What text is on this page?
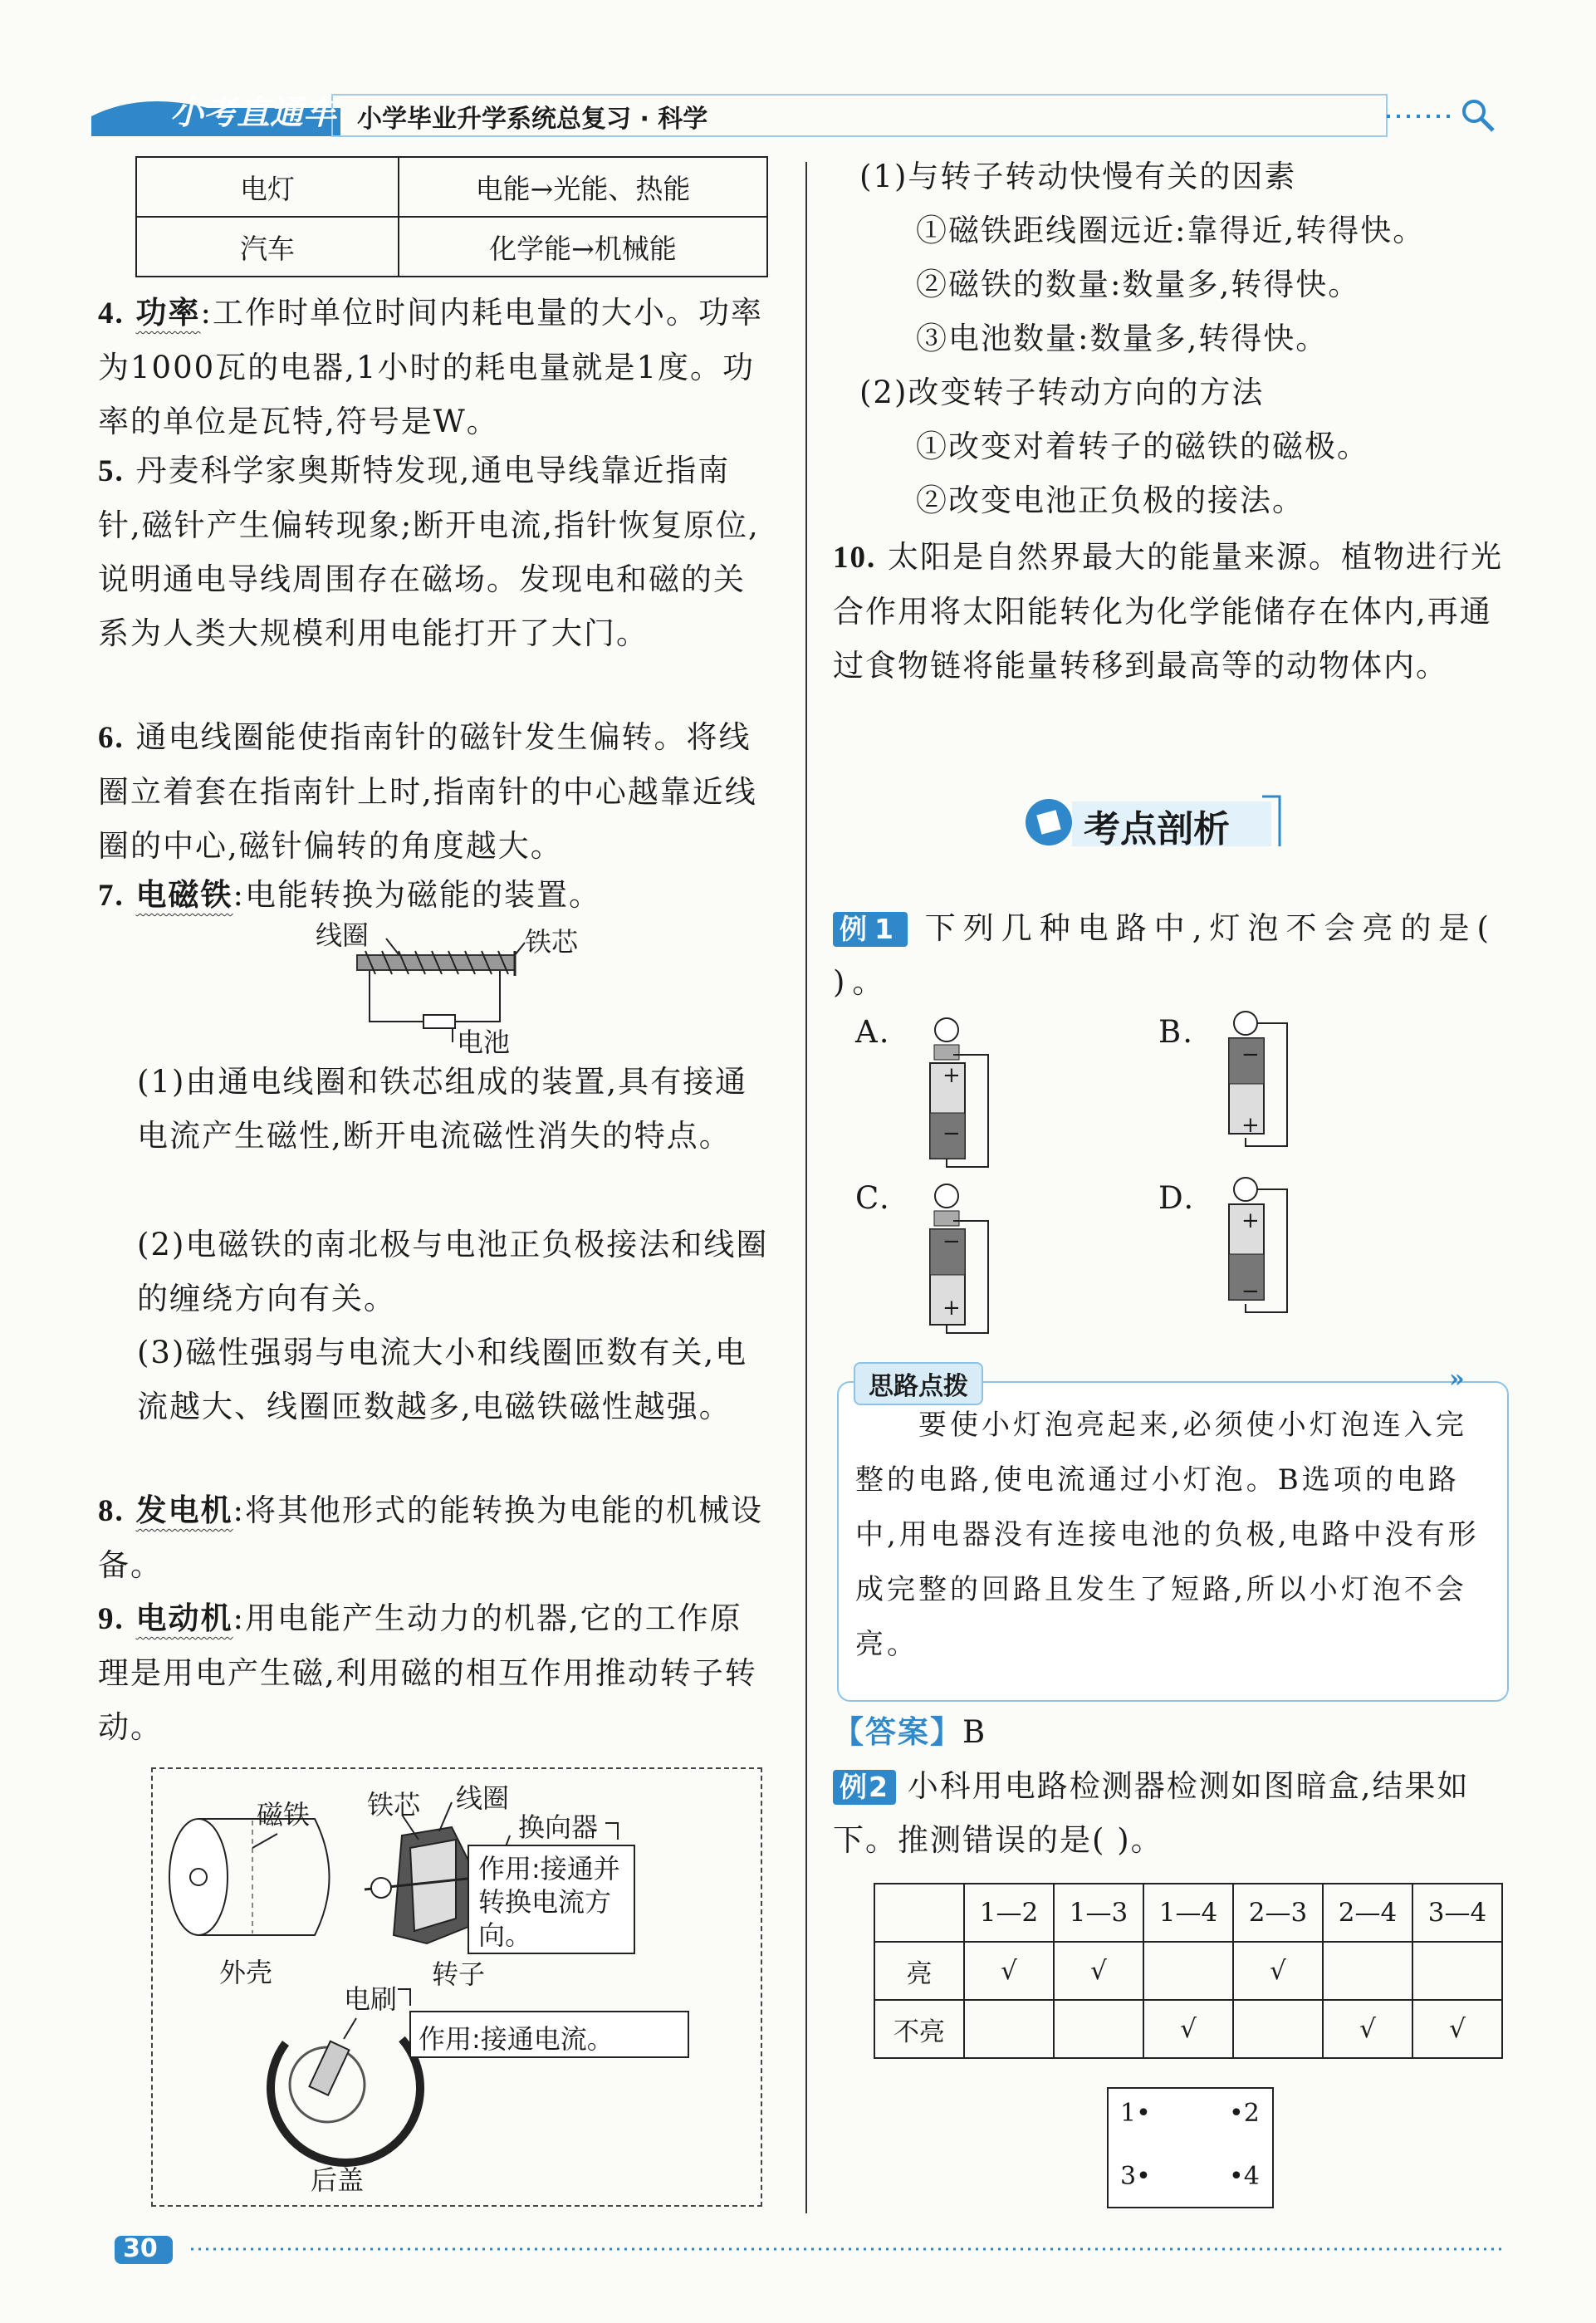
小考直通车 小学毕业升学系统总复习 · 科学
电灯	电能→光能、热能
汽车	化学能→机械能
4. 功率:工作时单位时间内耗电量的大小。功率为1000瓦的电器,1小时的耗电量就是1度。功率的单位是瓦特,符号是W。
5. 丹麦科学家奥斯特发现,通电导线靠近指南针,磁针产生偏转现象;断开电流,指针恢复原位,说明通电导线周围存在磁场。发现电和磁的关系为人类大规模利用电能打开了大门。
6. 通电线圈能使指南针的磁针发生偏转。将线圈立着套在指南针上时,指南针的中心越靠近线圈的中心,磁针偏转的角度越大。
7. 电磁铁:电能转换为磁能的装置。
线圈	铁芯
电池
(1)由通电线圈和铁芯组成的装置,具有接通电流产生磁性,断开电流磁性消失的特点。
(2)电磁铁的南北极与电池正负极接法和线圈的缠绕方向有关。
(3)磁性强弱与电流大小和线圈匝数有关,电流越大、线圈匝数越多,电磁铁磁性越强。
8. 发电机:将其他形式的能转换为电能的机械设备。
9. 电动机:用电能产生动力的机器,它的工作原理是用电产生磁,利用磁的相互作用推动转子转动。
磁铁
外壳
铁芯 线圈
转子
换向器
作用:接通并转换电流方向。
电刷
作用:接通电流。
后盖
30
(1)与转子转动快慢有关的因素
①磁铁距线圈远近:靠得近,转得快。
②磁铁的数量:数量多,转得快。
③电池数量:数量多,转得快。
(2)改变转子转动方向的方法
①改变对着转子的磁铁的磁极。
②改变电池正负极的接法。
10. 太阳是自然界最大的能量来源。植物进行光合作用将太阳能转化为化学能储存在体内,再通过食物链将能量转移到最高等的动物体内。
考点剖析
例1 下列几种电路中,灯泡不会亮的是( )。
A.	B.
C.	D.
+
−
−
+
−
+
+
−
思路点拨	»
要使小灯泡亮起来,必须使小灯泡连入完整的电路,使电流通过小灯泡。B选项的电路中,用电器没有连接电池的负极,电路中没有形成完整的回路且发生了短路,所以小灯泡不会亮。
【答案】B
例2 小科用电路检测器检测如图暗盒,结果如下。推测错误的是( )。
	1—2	1—3	1—4	2—3	2—4	3—4
亮	√	√		√		
不亮			√		√	√
1•	•2
3•	•4
